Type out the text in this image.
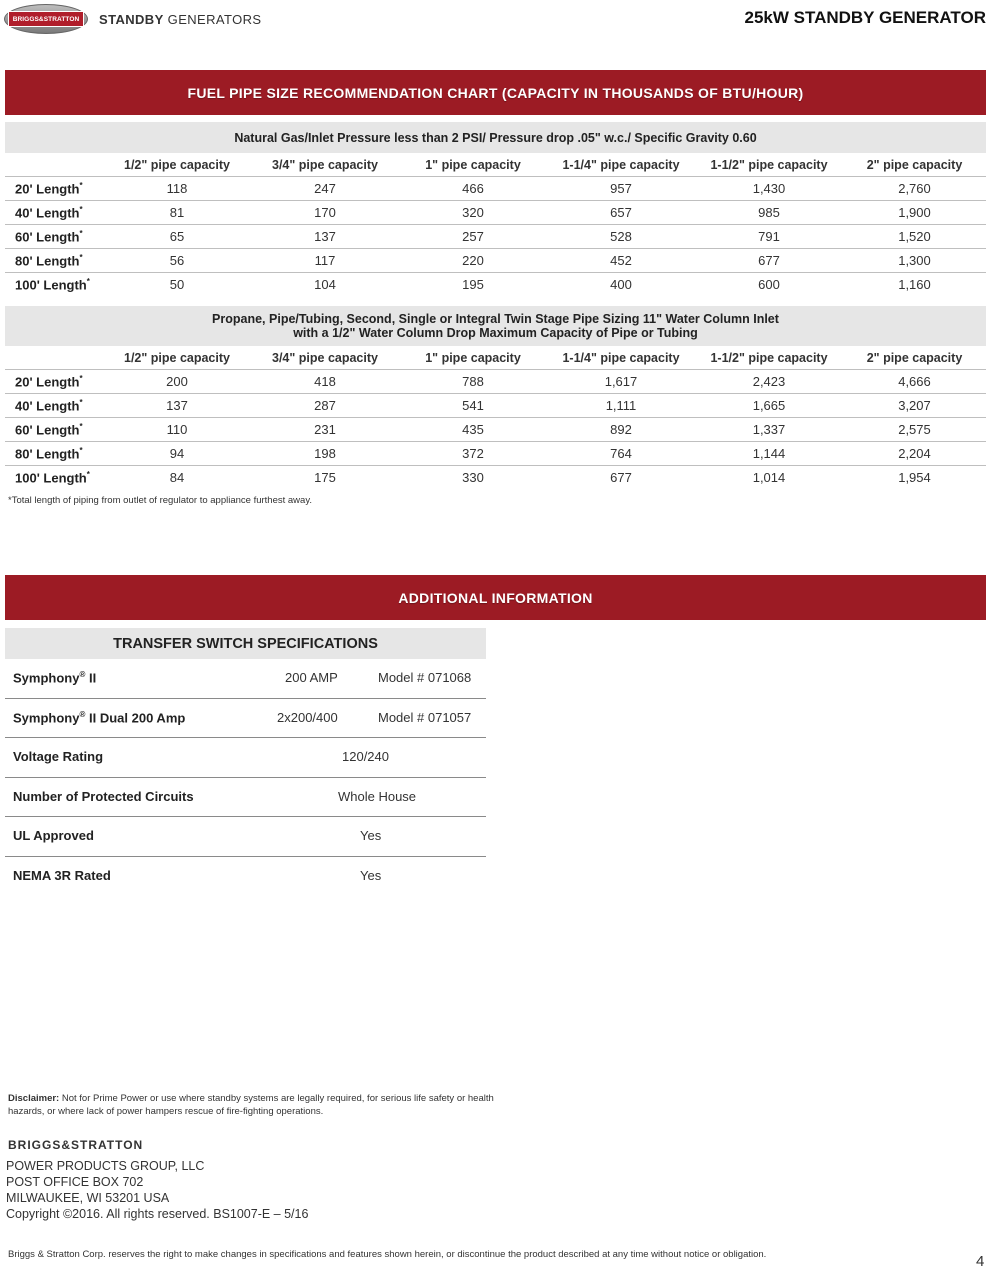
BRIGGS&STRATTON STANDBY GENERATORS	25kW STANDBY GENERATOR
FUEL PIPE SIZE RECOMMENDATION CHART (CAPACITY IN THOUSANDS OF BTU/HOUR)
Natural Gas/Inlet Pressure less than 2 PSI/ Pressure drop .05" w.c./ Specific Gravity 0.60						
	1/2" pipe capacity	3/4" pipe capacity	1" pipe capacity	1-1/4" pipe capacity	1-1/2" pipe capacity	2" pipe capacity
20' Length*	118	247	466	957	1,430	2,760
40' Length*	81	170	320	657	985	1,900
60' Length*	65	137	257	528	791	1,520
80' Length*	56	117	220	452	677	1,300
100' Length*	50	104	195	400	600	1,160
Propane, Pipe/Tubing, Second, Single or Integral Twin Stage Pipe Sizing 11" Water Column Inlet
with a 1/2" Water Column Drop Maximum Capacity of Pipe or Tubing						
	1/2" pipe capacity	3/4" pipe capacity	1" pipe capacity	1-1/4" pipe capacity	1-1/2" pipe capacity	2" pipe capacity
20' Length*	200	418	788	1,617	2,423	4,666
40' Length*	137	287	541	1,111	1,665	3,207
60' Length*	110	231	435	892	1,337	2,575
80' Length*	94	198	372	764	1,144	2,204
100' Length*	84	175	330	677	1,014	1,954
*Total length of piping from outlet of regulator to appliance furthest away.
ADDITIONAL INFORMATION
TRANSFER SWITCH SPECIFICATIONS
Symphony® II	200 AMP	Model # 071068
Symphony® II Dual 200 Amp	2x200/400	Model # 071057
Voltage Rating	120/240
Number of Protected Circuits	Whole House
UL Approved	Yes
NEMA 3R Rated	Yes
Disclaimer: Not for Prime Power or use where standby systems are legally required, for serious life safety or health hazards, or where lack of power hampers rescue of fire-fighting operations.
BRIGGS&STRATTON
POWER PRODUCTS GROUP, LLC
POST OFFICE BOX 702
MILWAUKEE, WI 53201 USA
Copyright ©2016. All rights reserved. BS1007-E – 5/16
Briggs & Stratton Corp. reserves the right to make changes in specifications and features shown herein, or discontinue the product described at any time without notice or obligation.	4
